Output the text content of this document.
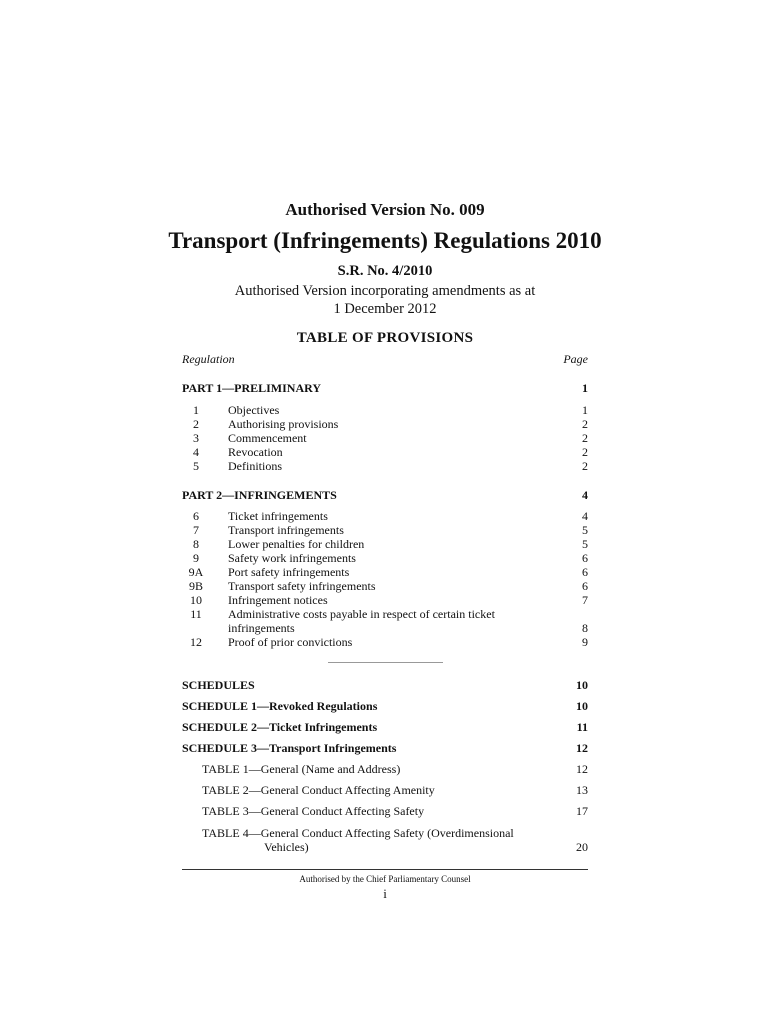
Authorised Version No. 009
Transport (Infringements) Regulations 2010
S.R. No. 4/2010
Authorised Version incorporating amendments as at
1 December 2012
TABLE OF PROVISIONS
Regulation	Page
PART 1—PRELIMINARY	1
1	Objectives	1
2	Authorising provisions	2
3	Commencement	2
4	Revocation	2
5	Definitions	2
PART 2—INFRINGEMENTS	4
6	Ticket infringements	4
7	Transport infringements	5
8	Lower penalties for children	5
9	Safety work infringements	6
9A	Port safety infringements	6
9B	Transport safety infringements	6
10	Infringement notices	7
11	Administrative costs payable in respect of certain ticket infringements	8
12	Proof of prior convictions	9
SCHEDULES	10
SCHEDULE 1—Revoked Regulations	10
SCHEDULE 2—Ticket Infringements	11
SCHEDULE 3—Transport Infringements	12
TABLE 1—General (Name and Address)	12
TABLE 2—General Conduct Affecting Amenity	13
TABLE 3—General Conduct Affecting Safety	17
TABLE 4—General Conduct Affecting Safety (Overdimensional
Vehicles)	20
Authorised by the Chief Parliamentary Counsel
i
